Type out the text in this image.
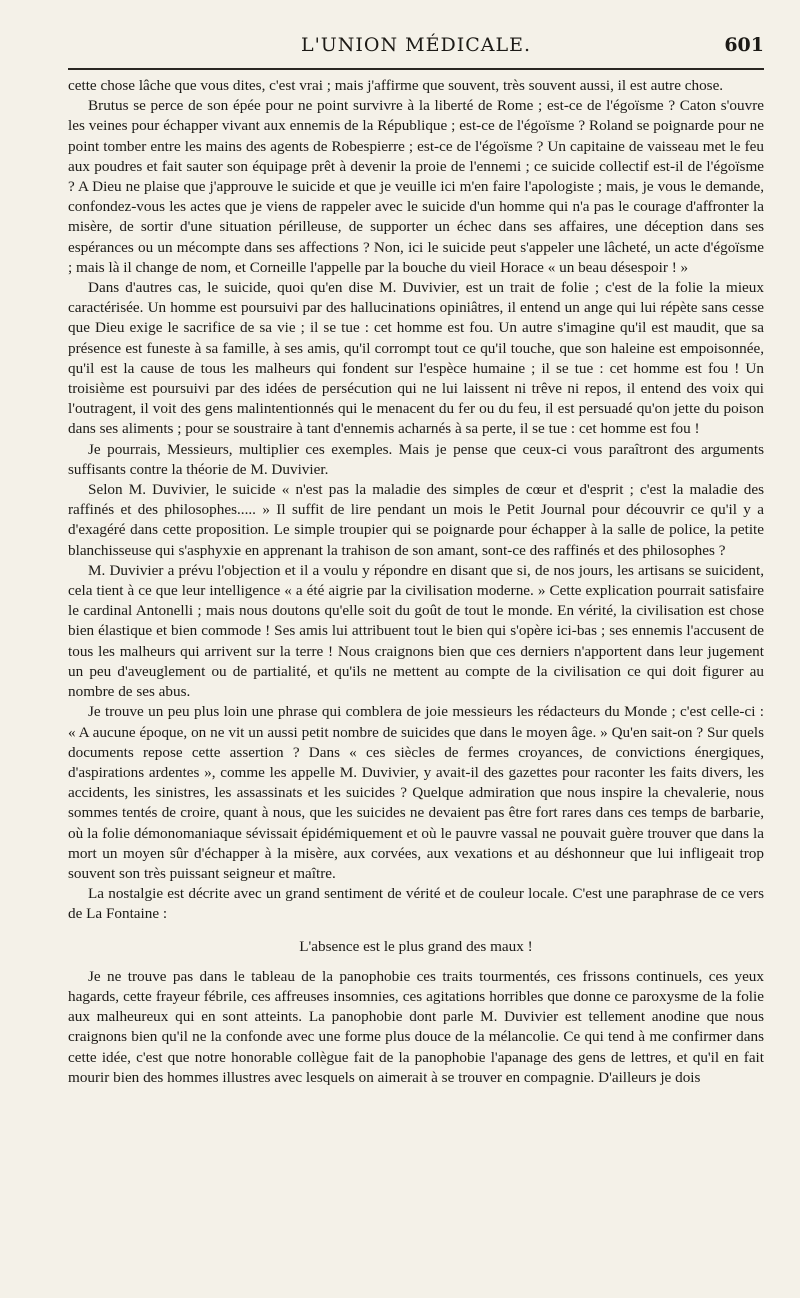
L'UNION MÉDICALE.	601

cette chose lâche que vous dites, c'est vrai ; mais j'affirme que souvent, très souvent aussi, il est autre chose.

Brutus se perce de son épée pour ne point survivre à la liberté de Rome ; est-ce de l'égoïsme ? Caton s'ouvre les veines pour échapper vivant aux ennemis de la République ; est-ce de l'égoïsme ? Roland se poignarde pour ne point tomber entre les mains des agents de Robespierre ; est-ce de l'égoïsme ? Un capitaine de vaisseau met le feu aux poudres et fait sauter son équipage prêt à devenir la proie de l'ennemi ; ce suicide collectif est-il de l'égoïsme ? A Dieu ne plaise que j'approuve le suicide et que je veuille ici m'en faire l'apologiste ; mais, je vous le demande, confondez-vous les actes que je viens de rappeler avec le suicide d'un homme qui n'a pas le courage d'affronter la misère, de sortir d'une situation périlleuse, de supporter un échec dans ses affaires, une déception dans ses espérances ou un mécompte dans ses affections ? Non, ici le suicide peut s'appeler une lâcheté, un acte d'égoïsme ; mais là il change de nom, et Corneille l'appelle par la bouche du vieil Horace « un beau désespoir ! »

Dans d'autres cas, le suicide, quoi qu'en dise M. Duvivier, est un trait de folie ; c'est de la folie la mieux caractérisée. Un homme est poursuivi par des hallucinations opiniâtres, il entend un ange qui lui répète sans cesse que Dieu exige le sacrifice de sa vie ; il se tue : cet homme est fou. Un autre s'imagine qu'il est maudit, que sa présence est funeste à sa famille, à ses amis, qu'il corrompt tout ce qu'il touche, que son haleine est empoisonnée, qu'il est la cause de tous les malheurs qui fondent sur l'espèce humaine ; il se tue : cet homme est fou ! Un troisième est poursuivi par des idées de persécution qui ne lui laissent ni trêve ni repos, il entend des voix qui l'outragent, il voit des gens malintentionnés qui le menacent du fer ou du feu, il est persuadé qu'on jette du poison dans ses aliments ; pour se soustraire à tant d'ennemis acharnés à sa perte, il se tue : cet homme est fou !

Je pourrais, Messieurs, multiplier ces exemples. Mais je pense que ceux-ci vous paraîtront des arguments suffisants contre la théorie de M. Duvivier.

Selon M. Duvivier, le suicide « n'est pas la maladie des simples de cœur et d'esprit ; c'est la maladie des raffinés et des philosophes..... » Il suffit de lire pendant un mois le Petit Journal pour découvrir ce qu'il y a d'exagéré dans cette proposition. Le simple troupier qui se poignarde pour échapper à la salle de police, la petite blanchisseuse qui s'asphyxie en apprenant la trahison de son amant, sont-ce des raffinés et des philosophes ?

M. Duvivier a prévu l'objection et il a voulu y répondre en disant que si, de nos jours, les artisans se suicident, cela tient à ce que leur intelligence « a été aigrie par la civilisation moderne. » Cette explication pourrait satisfaire le cardinal Antonelli ; mais nous doutons qu'elle soit du goût de tout le monde. En vérité, la civilisation est chose bien élastique et bien commode ! Ses amis lui attribuent tout le bien qui s'opère ici-bas ; ses ennemis l'accusent de tous les malheurs qui arrivent sur la terre ! Nous craignons bien que ces derniers n'apportent dans leur jugement un peu d'aveuglement ou de partialité, et qu'ils ne mettent au compte de la civilisation ce qui doit figurer au nombre de ses abus.

Je trouve un peu plus loin une phrase qui comblera de joie messieurs les rédacteurs du Monde ; c'est celle-ci : « A aucune époque, on ne vit un aussi petit nombre de suicides que dans le moyen âge. » Qu'en sait-on ? Sur quels documents repose cette assertion ? Dans « ces siècles de fermes croyances, de convictions énergiques, d'aspirations ardentes », comme les appelle M. Duvivier, y avait-il des gazettes pour raconter les faits divers, les accidents, les sinistres, les assassinats et les suicides ? Quelque admiration que nous inspire la chevalerie, nous sommes tentés de croire, quant à nous, que les suicides ne devaient pas être fort rares dans ces temps de barbarie, où la folie démonomaniaque sévissait épidémiquement et où le pauvre vassal ne pouvait guère trouver que dans la mort un moyen sûr d'échapper à la misère, aux corvées, aux vexations et au déshonneur que lui infligeait trop souvent son très puissant seigneur et maître.

La nostalgie est décrite avec un grand sentiment de vérité et de couleur locale. C'est une paraphrase de ce vers de La Fontaine :

L'absence est le plus grand des maux !

Je ne trouve pas dans le tableau de la panophobie ces traits tourmentés, ces frissons continuels, ces yeux hagards, cette frayeur fébrile, ces affreuses insomnies, ces agitations horribles que donne ce paroxysme de la folie aux malheureux qui en sont atteints. La panophobie dont parle M. Duvivier est tellement anodine que nous craignons bien qu'il ne la confonde avec une forme plus douce de la mélancolie. Ce qui tend à me confirmer dans cette idée, c'est que notre honorable collègue fait de la panophobie l'apanage des gens de lettres, et qu'il en fait mourir bien des hommes illustres avec lesquels on aimerait à se trouver en compagnie. D'ailleurs je dois
